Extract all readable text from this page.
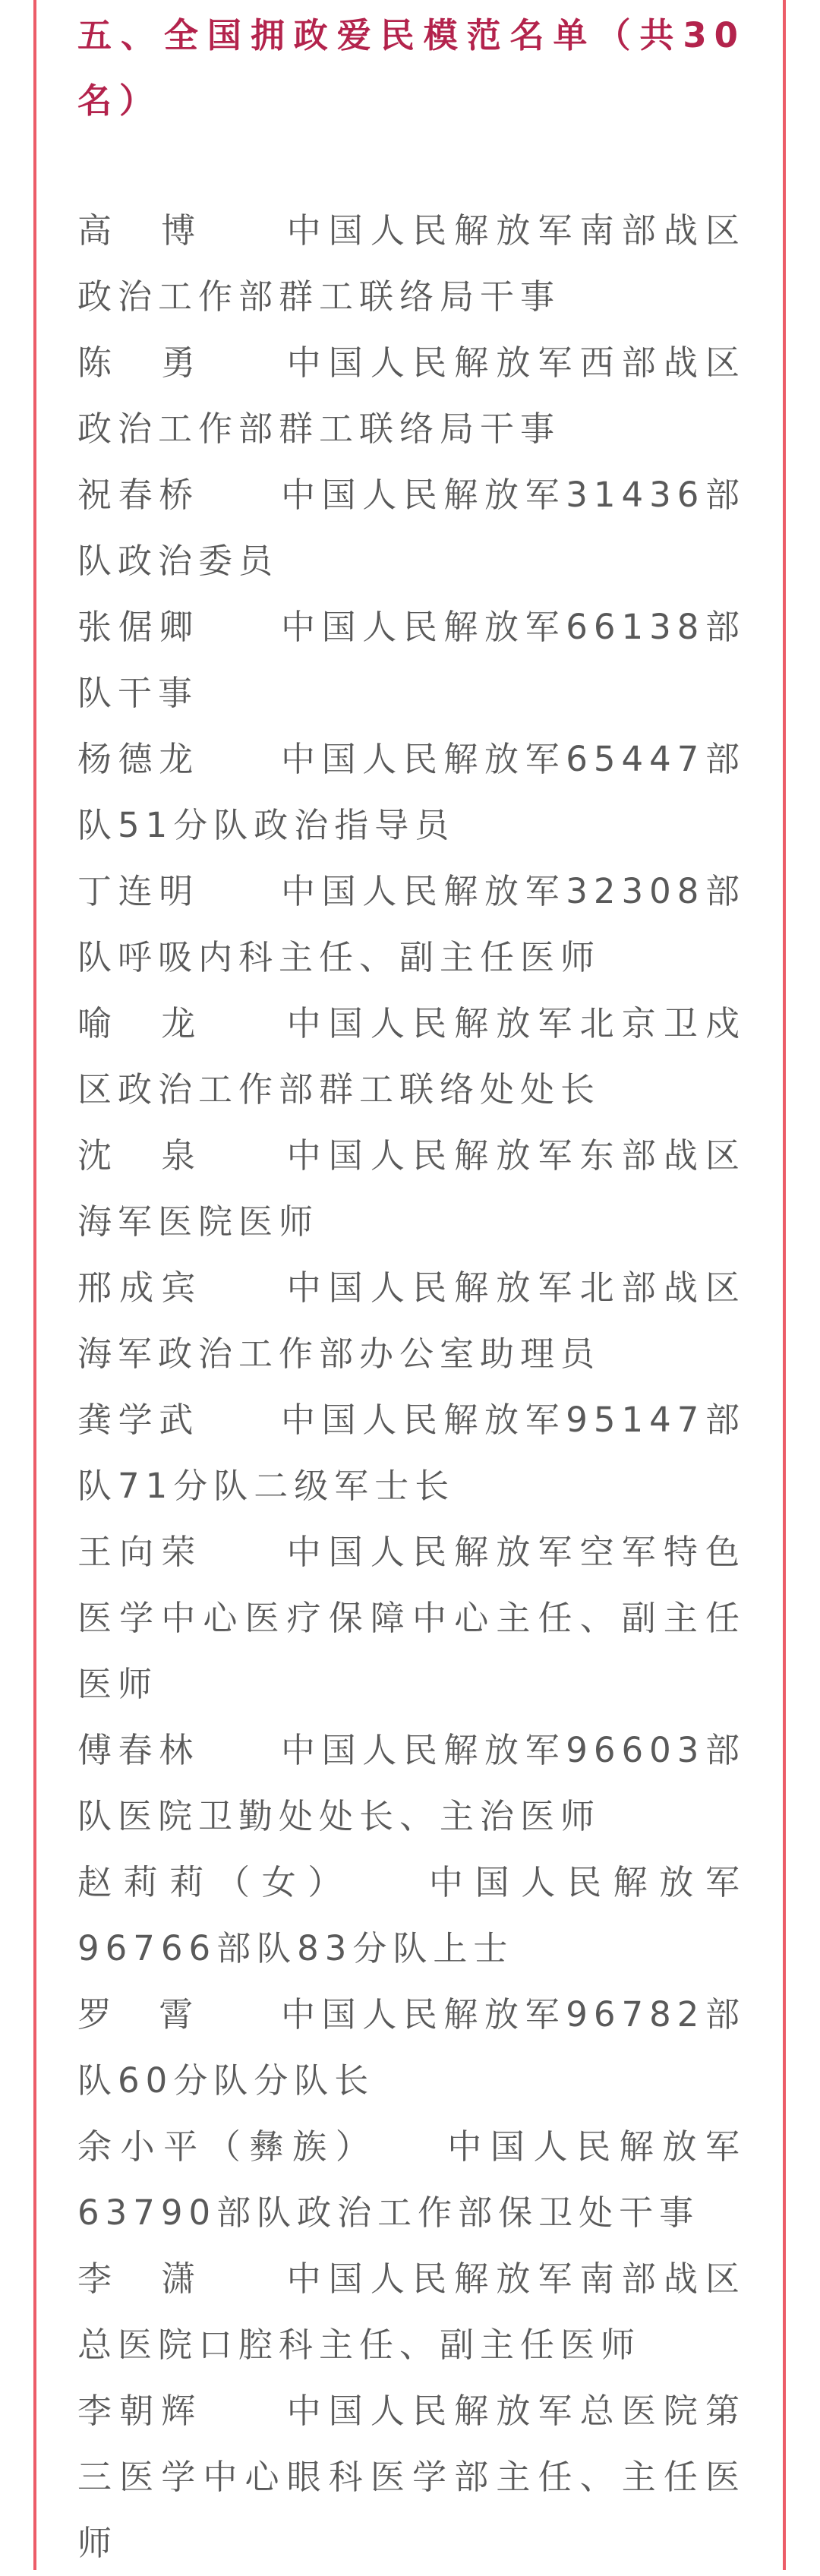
五、全国拥政爱民模范名单（共30名）

高　博　　 中国人民解放军南部战区政治工作部群工联络局干事

陈　勇　　 中国人民解放军西部战区政治工作部群工联络局干事

祝春桥　　 中国人民解放军31436部队政治委员

张倨卿　　 中国人民解放军66138部队干事

杨德龙　　 中国人民解放军65447部队51分队政治指导员

丁连明　　 中国人民解放军32308部队呼吸内科主任、副主任医师

喻　龙　　 中国人民解放军北京卫戍区政治工作部群工联络处处长

沈　泉　　 中国人民解放军东部战区海军医院医师

邢成宾　　 中国人民解放军北部战区海军政治工作部办公室助理员

龚学武　　 中国人民解放军95147部队71分队二级军士长

王向荣　　 中国人民解放军空军特色医学中心医疗保障中心主任、副主任医师

傅春林　　 中国人民解放军96603部队医院卫勤处处长、主治医师

赵莉莉（女）　　	中国人民解放军96766部队83分队上士

罗　霄　　 中国人民解放军96782部队60分队分队长

余小平（彝族）　　	中国人民解放军63790部队政治工作部保卫处干事

李　潇　　 中国人民解放军南部战区总医院口腔科主任、副主任医师

李朝辉　　 中国人民解放军总医院第三医学中心眼科医学部主任、主任医师
